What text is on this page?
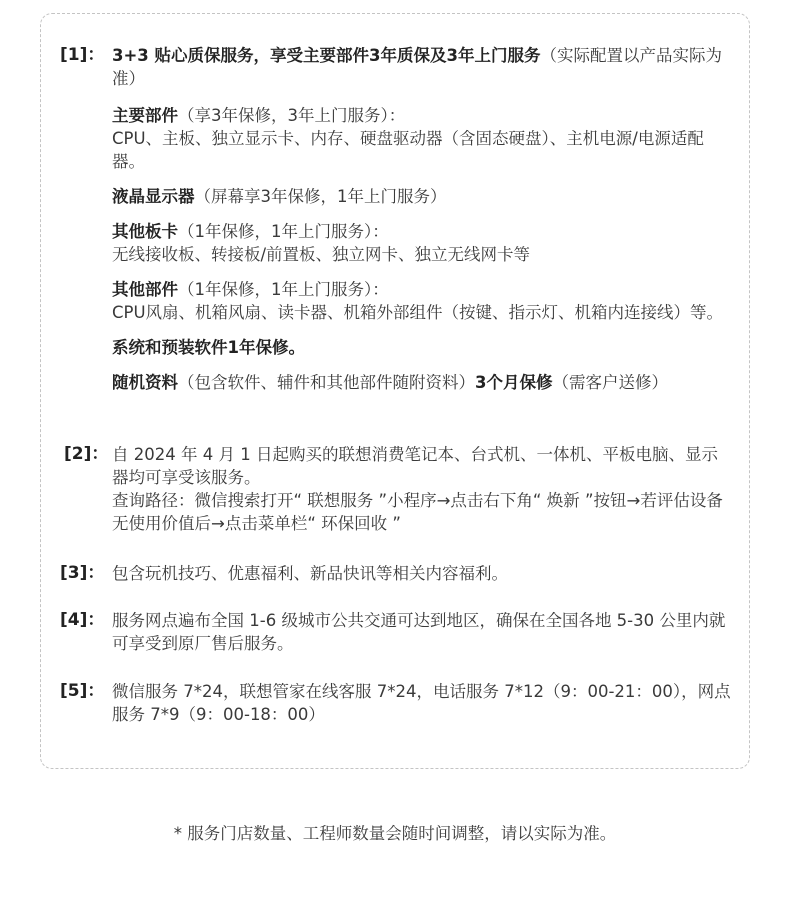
[1]： 3+3 贴心质保服务，享受主要部件3年质保及3年上门服务（实际配置以产品实际为准）

主要部件（享3年保修，3年上门服务）：

CPU、主板、独立显示卡、内存、硬盘驱动器（含固态硬盘）、主机电源/电源适配器。

液晶显示器（屏幕享3年保修，1年上门服务）

其他板卡（1年保修，1年上门服务）：

无线接收板、转接板/前置板、独立网卡、独立无线网卡等

其他部件（1年保修，1年上门服务）：

CPU风扇、机箱风扇、读卡器、机箱外部组件（按键、指示灯、机箱内连接线）等。

系统和预装软件1年保修。

随机资料（包含软件、辅件和其他部件随附资料）3个月保修（需客户送修）

[2]： 自 2024 年 4 月 1 日起购买的联想消费笔记本、台式机、一体机、平板电脑、显示器均可享受该服务。

查询路径：微信搜索打开“ 联想服务 ”小程序→点击右下角“ 焕新 ”按钮→若评估设备无使用价值后→点击菜单栏“ 环保回收 ”

[3]： 包含玩机技巧、优惠福利、新品快讯等相关内容福利。

[4]： 服务网点遍布全国 1-6 级城市公共交通可达到地区，确保在全国各地 5-30 公里内就可享受到原厂售后服务。

[5]： 微信服务 7*24，联想管家在线客服 7*24，电话服务 7*12（9：00-21：00），网点服务 7*9（9：00-18：00）

* 服务门店数量、工程师数量会随时间调整，请以实际为准。
